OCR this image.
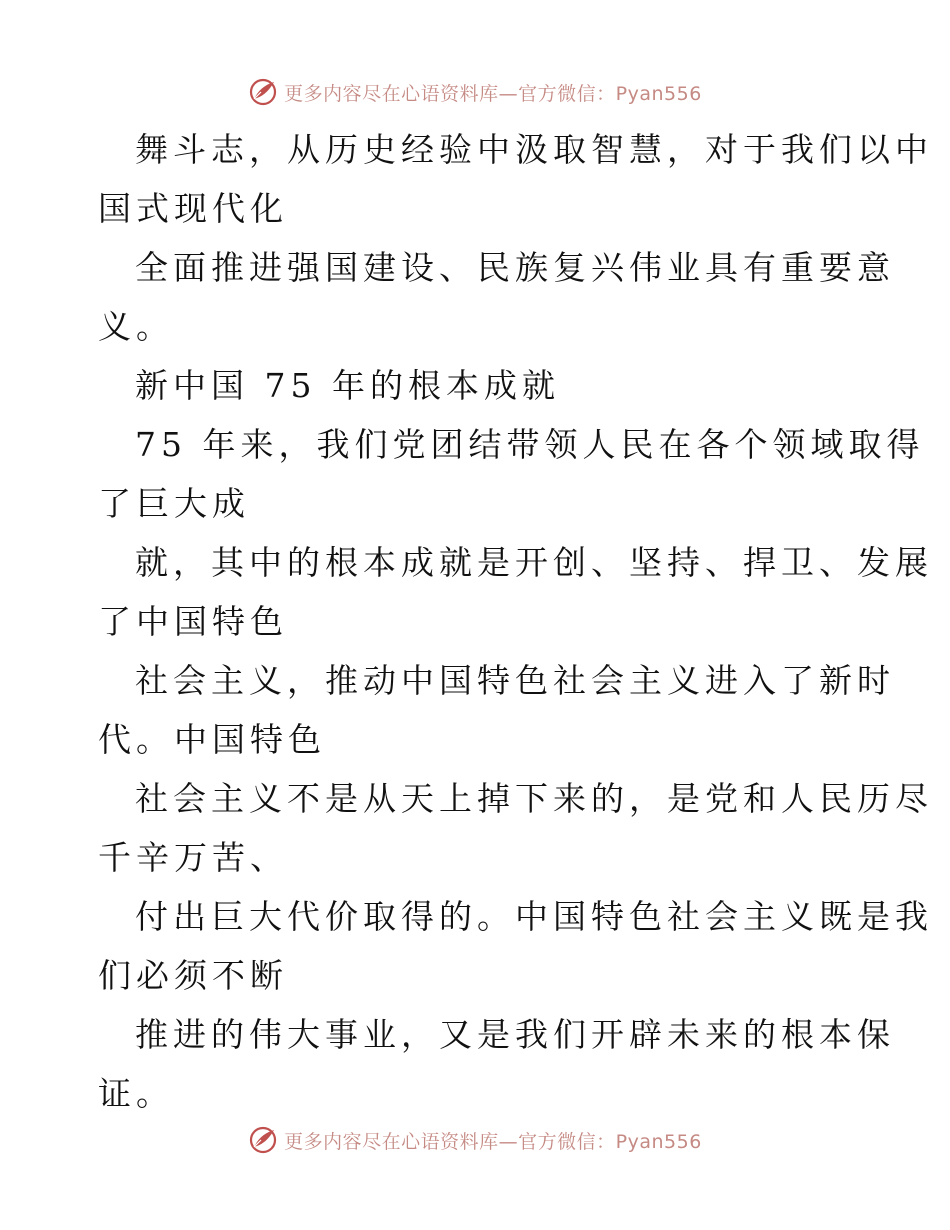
更多内容尽在心语资料库—官方微信：Pyan556
舞斗志，从历史经验中汲取智慧，对于我们以中
国式现代化
全面推进强国建设、民族复兴伟业具有重要意
义。
新中国 75 年的根本成就
75 年来，我们党团结带领人民在各个领域取得
了巨大成
就，其中的根本成就是开创、坚持、捍卫、发展
了中国特色
社会主义，推动中国特色社会主义进入了新时
代。中国特色
社会主义不是从天上掉下来的，是党和人民历尽
千辛万苦、
付出巨大代价取得的。中国特色社会主义既是我
们必须不断
推进的伟大事业，又是我们开辟未来的根本保
证。
更多内容尽在心语资料库—官方微信：Pyan556
